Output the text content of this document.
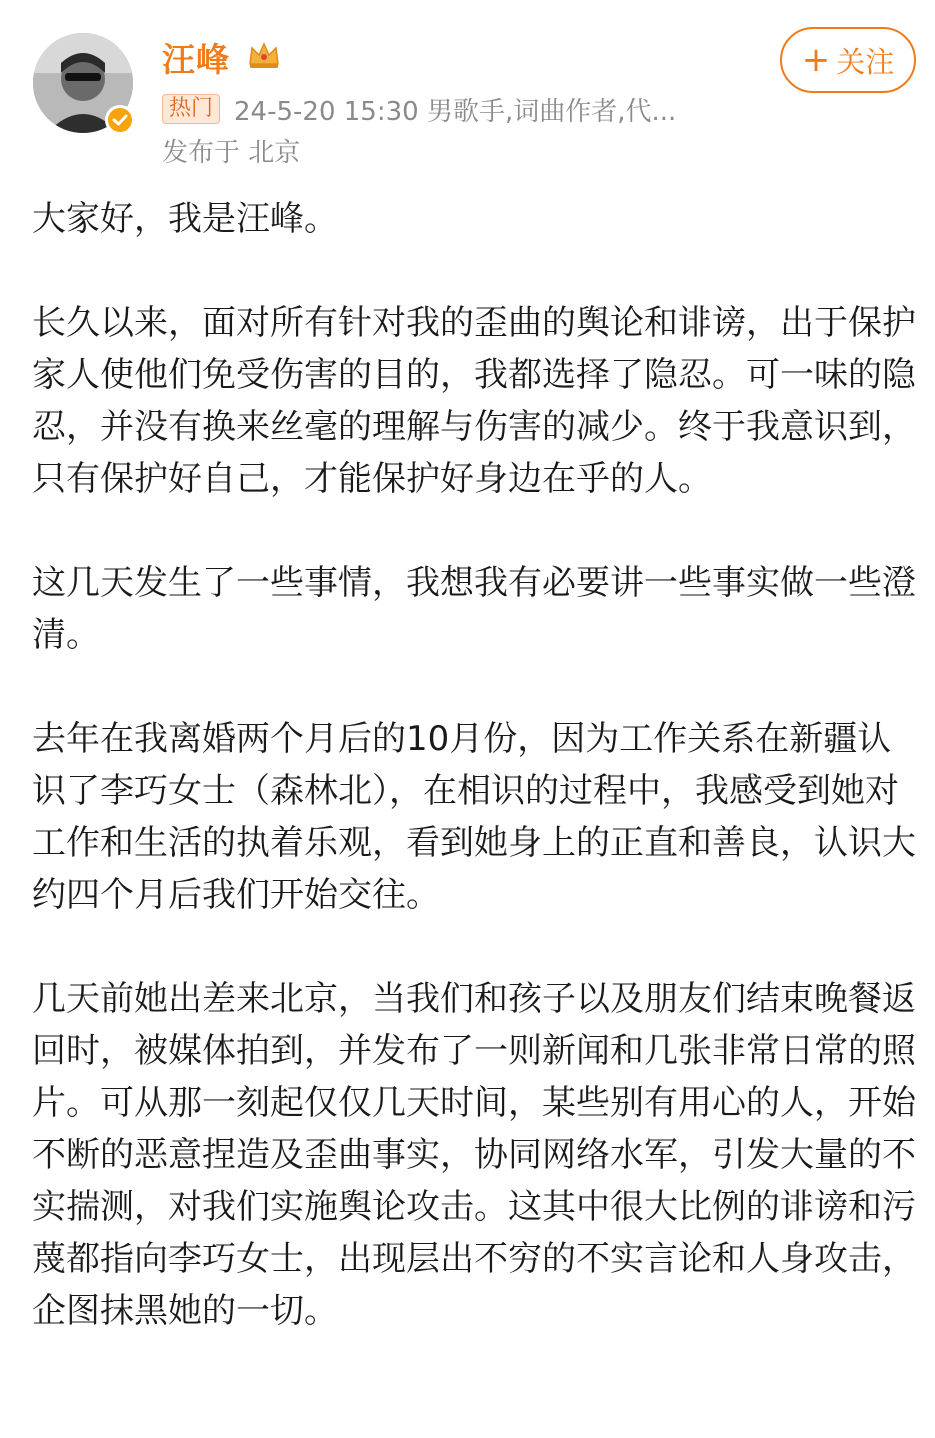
汪峰
热门 24-5-20 15:30 男歌手,词曲作者,代...
发布于 北京
+ 关注

大家好，我是汪峰。

长久以来，面对所有针对我的歪曲的舆论和诽谤，出于保护家人使他们免受伤害的目的，我都选择了隐忍。可一味的隐忍，并没有换来丝毫的理解与伤害的减少。终于我意识到，只有保护好自己，才能保护好身边在乎的人。

这几天发生了一些事情，我想我有必要讲一些事实做一些澄清。

去年在我离婚两个月后的10月份，因为工作关系在新疆认识了李巧女士（森林北），在相识的过程中，我感受到她对工作和生活的执着乐观，看到她身上的正直和善良，认识大约四个月后我们开始交往。

几天前她出差来北京，当我们和孩子以及朋友们结束晚餐返回时，被媒体拍到，并发布了一则新闻和几张非常日常的照片。可从那一刻起仅仅几天时间，某些别有用心的人，开始不断的恶意捏造及歪曲事实，协同网络水军，引发大量的不实揣测，对我们实施舆论攻击。这其中很大比例的诽谤和污蔑都指向李巧女士，出现层出不穷的不实言论和人身攻击，企图抹黑她的一切。
